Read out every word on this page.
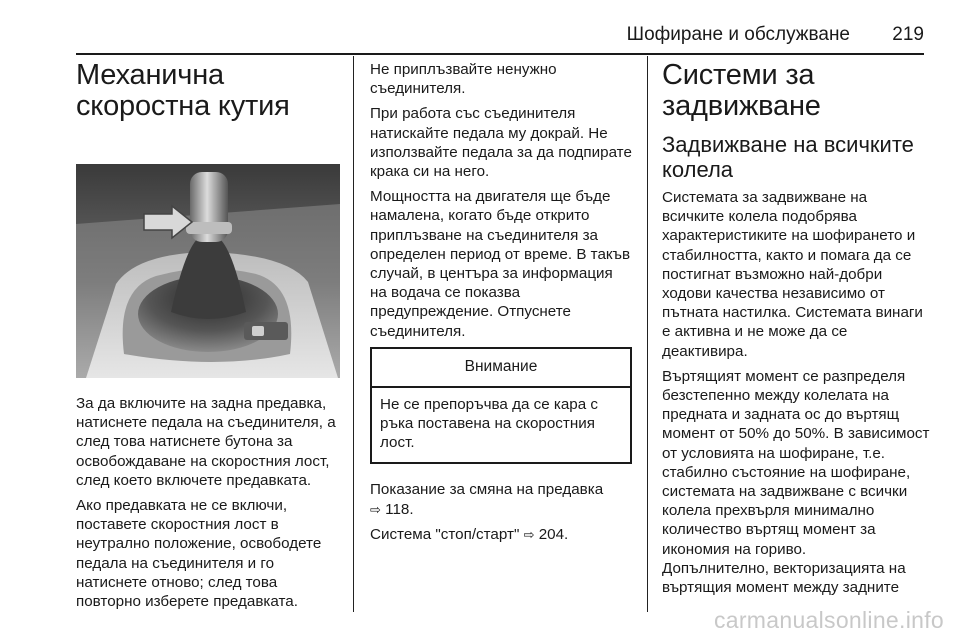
Шофиране и обслужване 219
Механична скоростна кутия

За да включите на задна предавка, натиснете педала на съединителя, а след това натиснете бутона за освобождаване на скоростния лост, след което включете предавката.

Ако предавката не се включи, поставете скоростния лост в неутрално положение, освободете педала на съединителя и го натиснете отново; след това повторно изберете предавката.

Не приплъзвайте ненужно съединителя.

При работа със съединителя натискайте педала му докрай. Не използвайте педала за да подпирате крака си на него.

Мощността на двигателя ще бъде намалена, когато бъде открито приплъзване на съединителя за определен период от време. В такъв случай, в центъра за информация на водача се показва предупреждение. Отпуснете съединителя.

Внимание
Не се препоръчва да се кара с ръка поставена на скоростния лост.

Показание за смяна на предавка
⇨ 118.

Система "стоп/старт" ⇨ 204.

Системи за задвижване
Задвижване на всичките колела

Системата за задвижване на всичките колела подобрява характеристиките на шофирането и стабилността, както и помага да се постигнат възможно най-добри ходови качества независимо от пътната настилка. Системата винаги е активна и не може да се деактивира.

Въртящият момент се разпределя безстепенно между колелата на предната и задната ос до въртящ момент от 50% до 50%. В зависимост от условията на шофиране, т.е. стабилно състояние на шофиране, системата на задвижване с всички колела прехвърля минимално количество въртящ момент за икономия на гориво.

Допълнително, векторизацията на въртящия момент между задните

carmanualsonline.info
